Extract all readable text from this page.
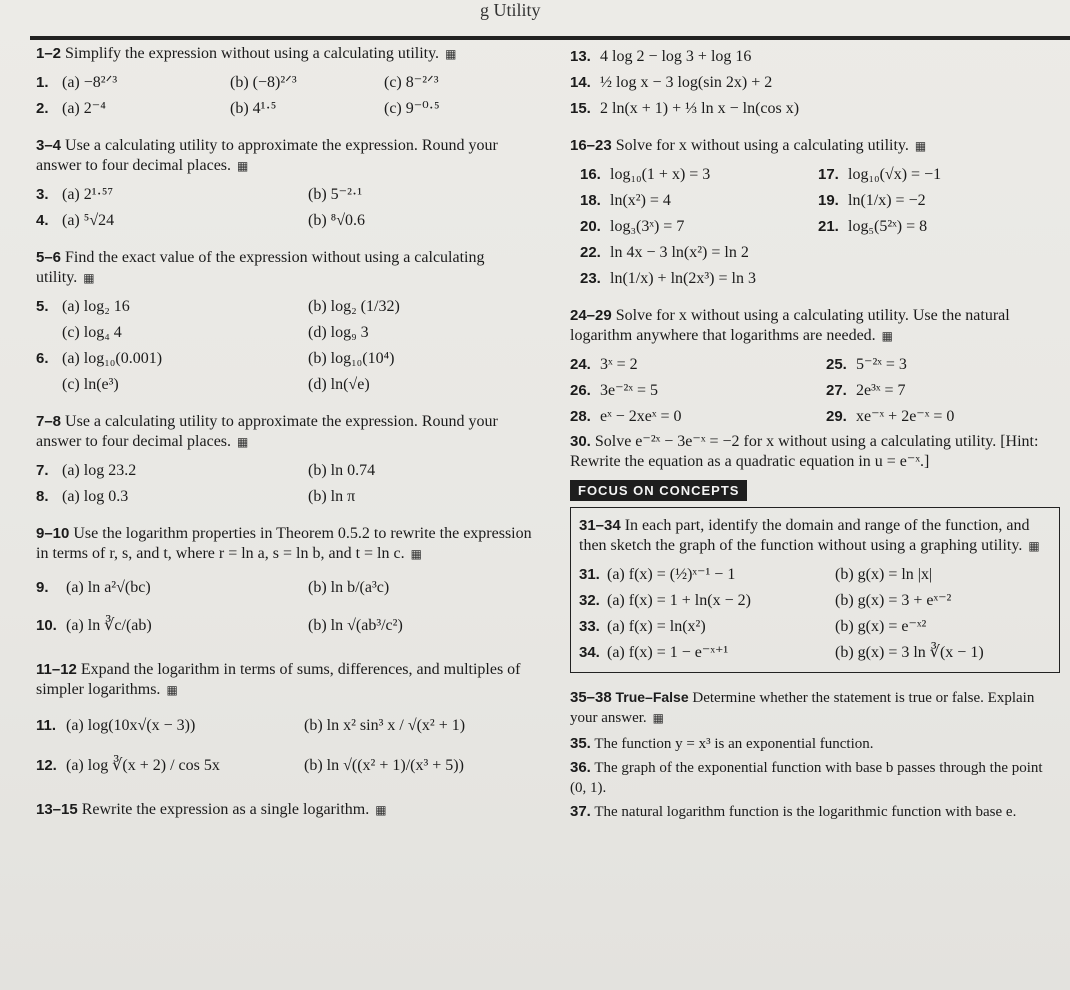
g Utility

1–2 Simplify the expression without using a calculating utility. ▦

1. (a) −8²ᐟ³	(b) (−8)²ᐟ³	(c) 8⁻²ᐟ³
2. (a) 2⁻⁴	(b) 4¹·⁵	(c) 9⁻⁰·⁵

3–4 Use a calculating utility to approximate the expression. Round your answer to four decimal places. ▦

3. (a) 2¹·⁵⁷	(b) 5⁻²·¹
4. (a) ⁵√24	(b) ⁸√0.6

5–6 Find the exact value of the expression without using a calculating utility. ▦

5. (a) log₂ 16	(b) log₂ (1/32)
(c) log₄ 4	(d) log₉ 3
6. (a) log₁₀(0.001)	(b) log₁₀(10⁴)
(c) ln(e³)	(d) ln(√e)

7–8 Use a calculating utility to approximate the expression. Round your answer to four decimal places. ▦

7. (a) log 23.2	(b) ln 0.74
8. (a) log 0.3	(b) ln π

9–10 Use the logarithm properties in Theorem 0.5.2 to rewrite the expression in terms of r, s, and t, where r = ln a, s = ln b, and t = ln c. ▦

9. (a) ln a²√(bc)	(b) ln b/(a³c)
10. (a) ln ∛c/(ab)	(b) ln √(ab³/c²)

11–12 Expand the logarithm in terms of sums, differences, and multiples of simpler logarithms. ▦

11. (a) log(10x√(x − 3))	(b) ln x² sin³ x / √(x² + 1)
12. (a) log ∛(x + 2) / cos 5x	(b) ln √((x² + 1)/(x³ + 5))

13–15 Rewrite the expression as a single logarithm. ▦

13. 4 log 2 − log 3 + log 16
14. ½ log x − 3 log(sin 2x) + 2
15. 2 ln(x + 1) + ⅓ ln x − ln(cos x)

16–23 Solve for x without using a calculating utility. ▦

16. log₁₀(1 + x) = 3	17. log₁₀(√x) = −1
18. ln(x²) = 4	19. ln(1/x) = −2
20. log₃(3ˣ) = 7	21. log₅(5²ˣ) = 8
22. ln 4x − 3 ln(x²) = ln 2
23. ln(1/x) + ln(2x³) = ln 3

24–29 Solve for x without using a calculating utility. Use the natural logarithm anywhere that logarithms are needed. ▦

24. 3ˣ = 2	25. 5⁻²ˣ = 3
26. 3e⁻²ˣ = 5	27. 2e³ˣ = 7
28. eˣ − 2xeˣ = 0	29. xe⁻ˣ + 2e⁻ˣ = 0

30. Solve e⁻²ˣ − 3e⁻ˣ = −2 for x without using a calculating utility. [Hint: Rewrite the equation as a quadratic equation in u = e⁻ˣ.]

FOCUS ON CONCEPTS

31–34 In each part, identify the domain and range of the function, and then sketch the graph of the function without using a graphing utility. ▦

31. (a) f(x) = (½)ˣ⁻¹ − 1	(b) g(x) = ln |x|
32. (a) f(x) = 1 + ln(x − 2)	(b) g(x) = 3 + eˣ⁻²
33. (a) f(x) = ln(x²)	(b) g(x) = e⁻ˣ²
34. (a) f(x) = 1 − e⁻ˣ⁺¹	(b) g(x) = 3 ln ∛(x − 1)

35–38 True–False Determine whether the statement is true or false. Explain your answer. ▦

35. The function y = x³ is an exponential function.

36. The graph of the exponential function with base b passes through the point (0, 1).

37. The natural logarithm function is the logarithmic function with base e.
